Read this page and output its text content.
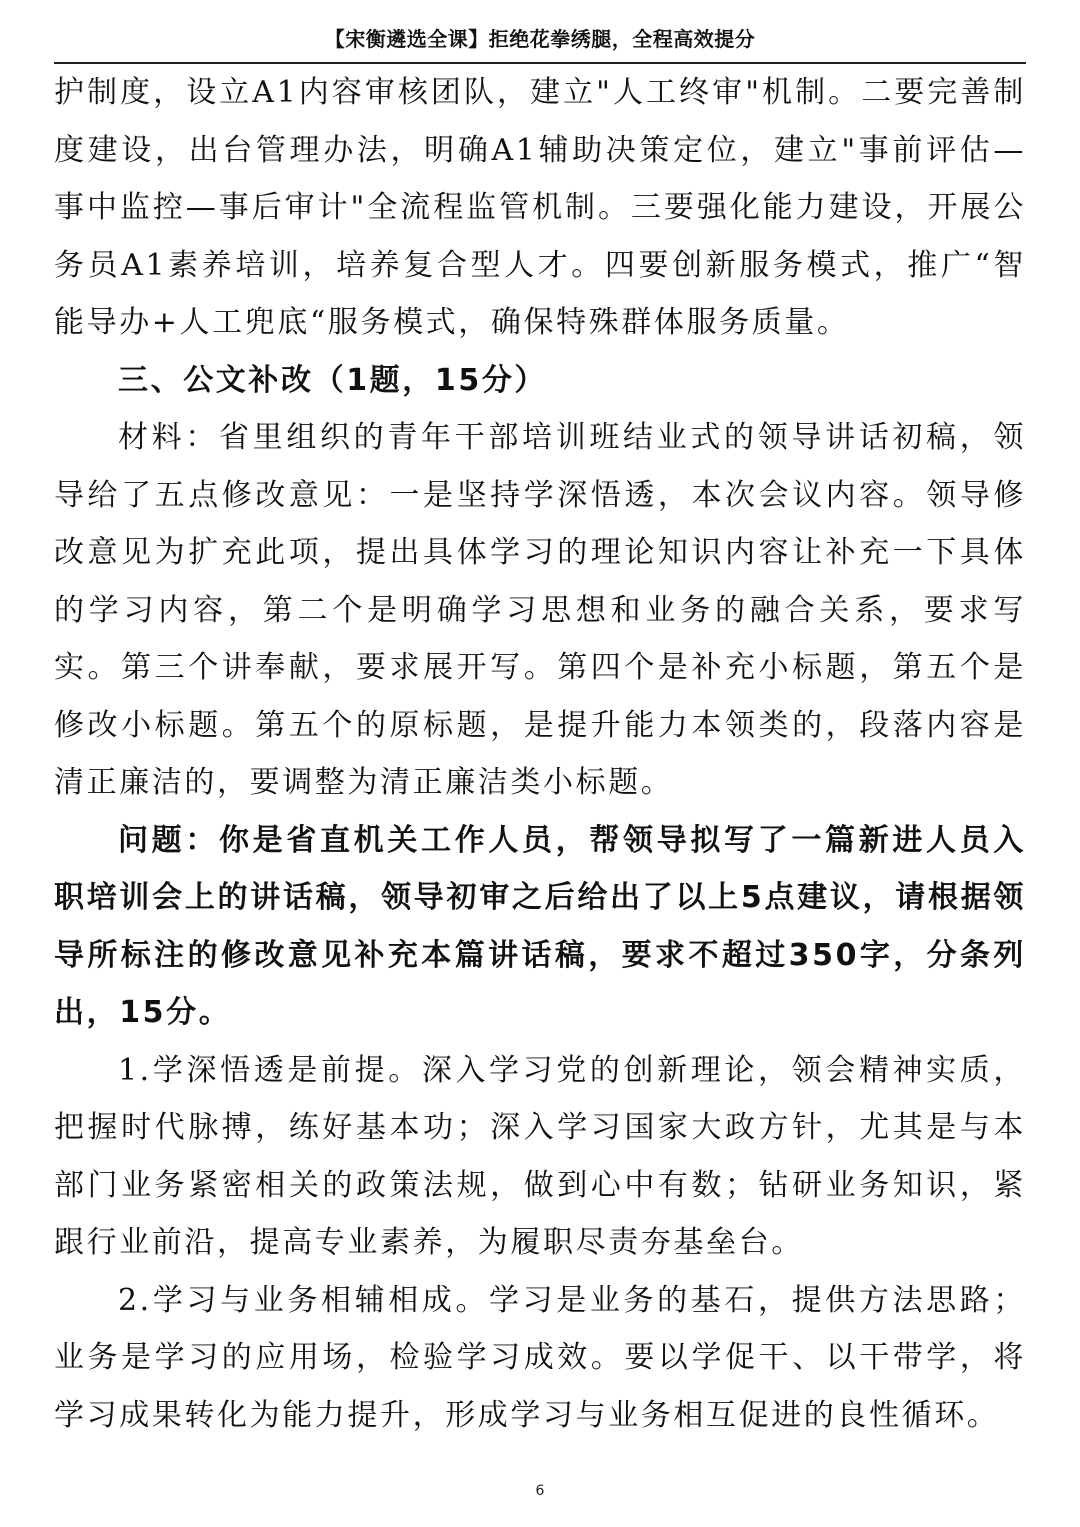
【宋衡遴选全课】拒绝花拳绣腿，全程高效提分

护制度，设立A1内容审核团队，建立"人工终审"机制。二要完善制度建设，出台管理办法，明确A1辅助决策定位，建立"事前评估—事中监控—事后审计"全流程监管机制。三要强化能力建设，开展公务员A1素养培训，培养复合型人才。四要创新服务模式，推广“智能导办+人工兜底“服务模式，确保特殊群体服务质量。

三、公文补改（1题，15分）

材料：省里组织的青年干部培训班结业式的领导讲话初稿，领导给了五点修改意见：一是坚持学深悟透，本次会议内容。领导修改意见为扩充此项，提出具体学习的理论知识内容让补充一下具体的学习内容，第二个是明确学习思想和业务的融合关系，要求写实。第三个讲奉献，要求展开写。第四个是补充小标题，第五个是修改小标题。第五个的原标题，是提升能力本领类的，段落内容是清正廉洁的，要调整为清正廉洁类小标题。

问题：你是省直机关工作人员，帮领导拟写了一篇新进人员入职培训会上的讲话稿，领导初审之后给出了以上5点建议，请根据领导所标注的修改意见补充本篇讲话稿，要求不超过350字，分条列出，15分。

1.学深悟透是前提。深入学习党的创新理论，领会精神实质，把握时代脉搏，练好基本功；深入学习国家大政方针，尤其是与本部门业务紧密相关的政策法规，做到心中有数；钻研业务知识，紧跟行业前沿，提高专业素养，为履职尽责夯基垒台。

2.学习与业务相辅相成。学习是业务的基石，提供方法思路；业务是学习的应用场，检验学习成效。要以学促干、以干带学，将学习成果转化为能力提升，形成学习与业务相互促进的良性循环。

6
